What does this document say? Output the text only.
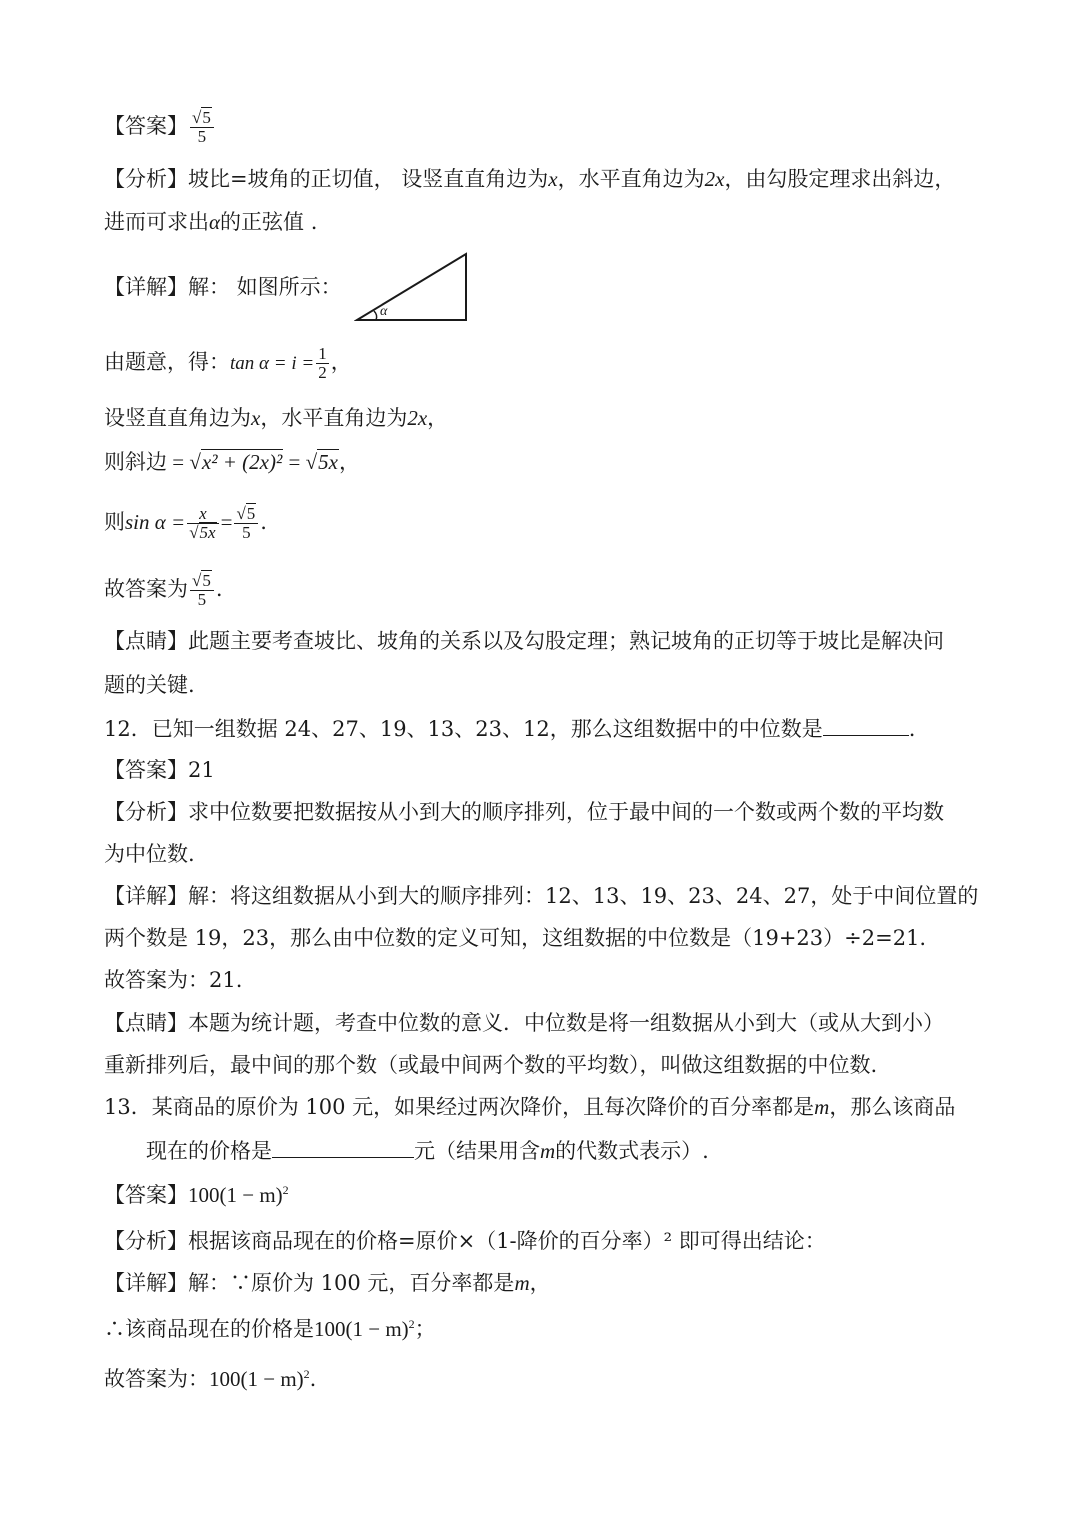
【答案】 $\frac{√5}{5}$
【分析】坡比=坡角的正切值， 设竖直直角边为x，水平直角边为2x，由勾股定理求出斜边，
进而可求出α的正弦值 .
【详解】解： 如图所示：
α
由题意，得：$\tan \alpha = i = \frac{1}{2}$ ，
设竖直直角边为x，水平直角边为2x，
则斜边 = √x² + (2x)² = √5x，
则$\sin \alpha = \frac{x}{√5x} = \frac{√5}{5}$ .
故答案为 $\frac{√5}{5}$ .
【点睛】此题主要考查坡比、坡角的关系以及勾股定理；熟记坡角的正切等于坡比是解决问
题的关键.
12．已知一组数据 24、27、19、13、23、12，那么这组数据中的中位数是	.
【答案】21
【分析】求中位数要把数据按从小到大的顺序排列，位于最中间的一个数或两个数的平均数
为中位数.
【详解】解：将这组数据从小到大的顺序排列：12、13、19、23、24、27，处于中间位置的
两个数是 19，23，那么由中位数的定义可知，这组数据的中位数是（19+23）÷2=21.
故答案为：21.
【点睛】本题为统计题，考查中位数的意义．中位数是将一组数据从小到大（或从大到小）
重新排列后，最中间的那个数（或最中间两个数的平均数），叫做这组数据的中位数.
13．某商品的原价为 100 元，如果经过两次降价，且每次降价的百分率都是m，那么该商品
现在的价格是	元（结果用含m的代数式表示）.
【答案】$100(1 - m)^2$
【分析】根据该商品现在的价格=原价×（1-降价的百分率）² 即可得出结论：
【详解】解：∵原价为 100 元，百分率都是m，
∴该商品现在的价格是$100(1 - m)^2$；
故答案为：$100(1 - m)^2$.
